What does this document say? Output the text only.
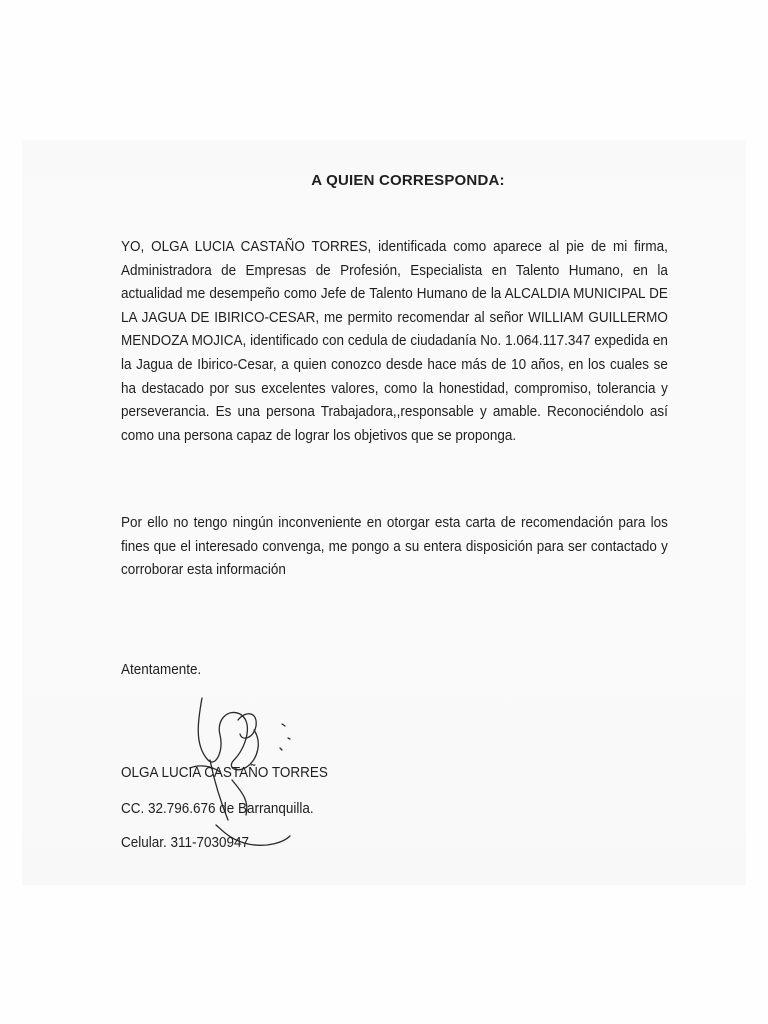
A QUIEN CORRESPONDA:

YO, OLGA LUCIA CASTAÑO TORRES, identificada como aparece al pie de mi firma, Administradora de Empresas de Profesión, Especialista en Talento Humano, en la actualidad me desempeño como Jefe de Talento Humano de la ALCALDIA MUNICIPAL DE LA JAGUA DE IBIRICO-CESAR, me permito recomendar al señor WILLIAM GUILLERMO MENDOZA MOJICA, identificado con cedula de ciudadanía No. 1.064.117.347 expedida en la Jagua de Ibirico-Cesar, a quien conozco desde hace más de 10 años, en los cuales se ha destacado por sus excelentes valores, como la honestidad, compromiso, tolerancia y perseverancia. Es una persona Trabajadora,,responsable y amable. Reconociéndolo así como una persona capaz de lograr los objetivos que se proponga.

Por ello no tengo ningún inconveniente en otorgar esta carta de recomendación para los fines que el interesado convenga, me pongo a su entera disposición para ser contactado y corroborar esta información

Atentamente.

OLGA LUCIA CASTAÑO TORRES

CC. 32.796.676 de Barranquilla.

Celular. 311-7030947
